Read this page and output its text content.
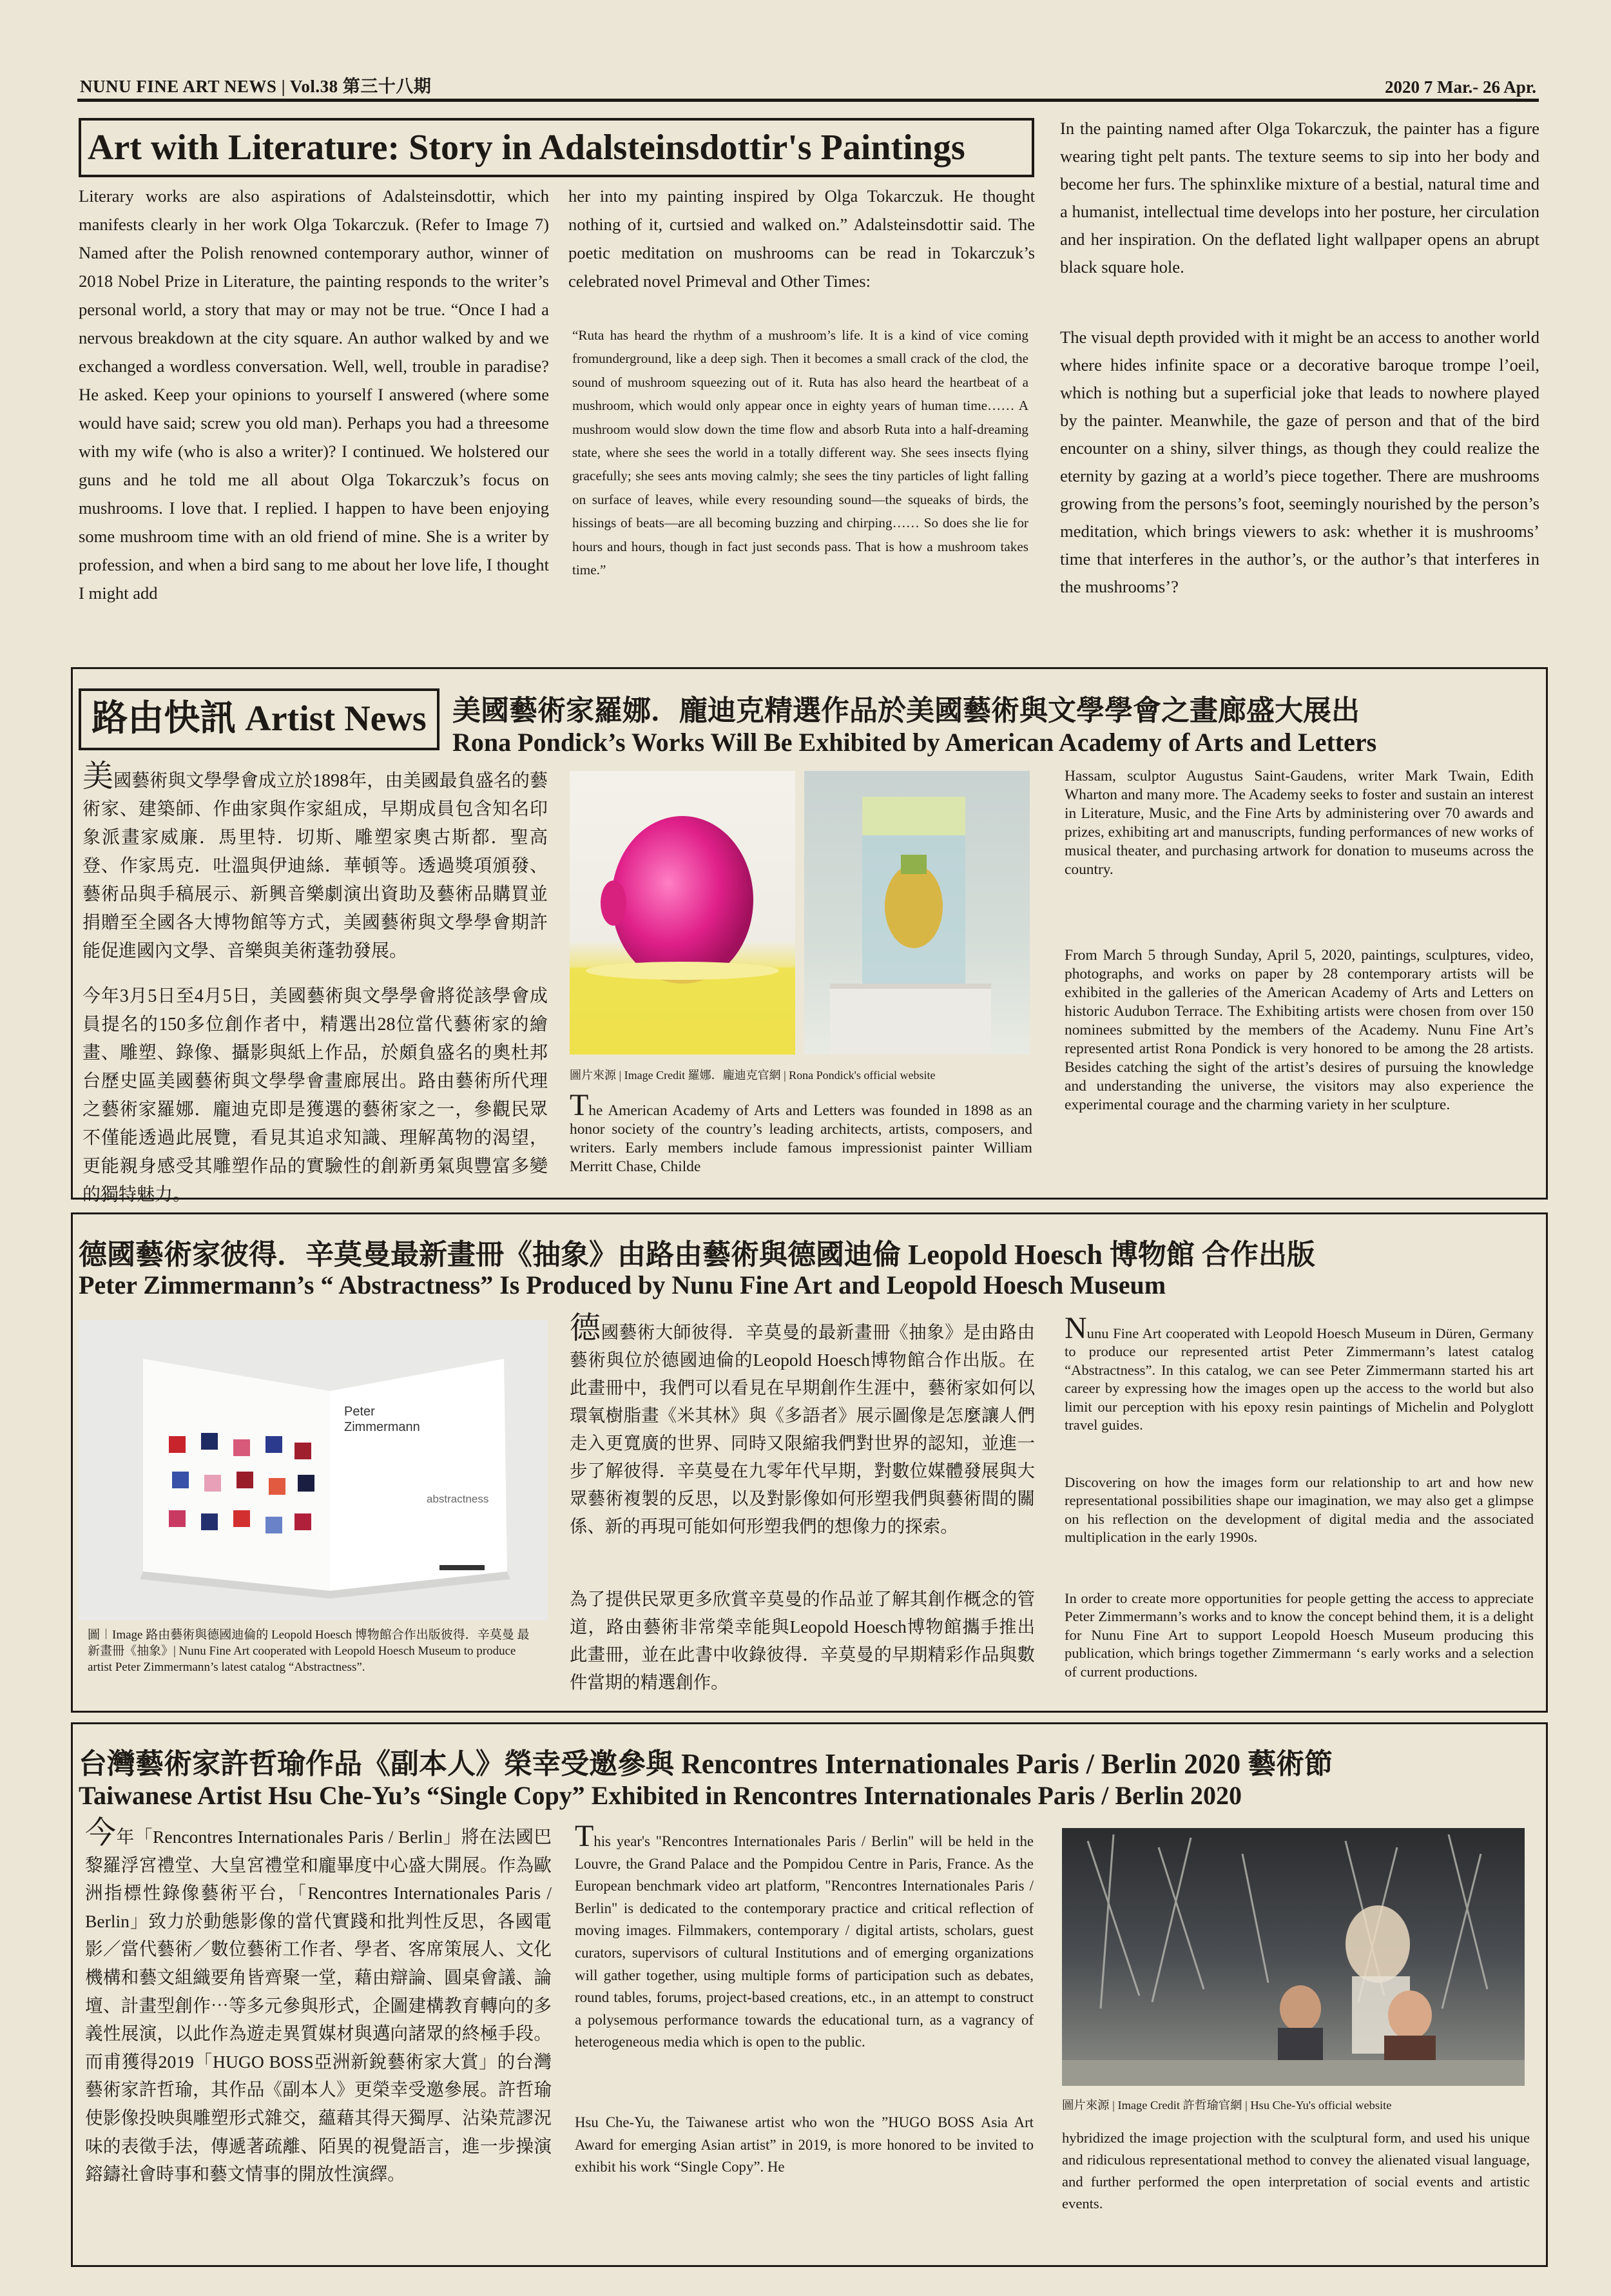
NUNU FINE ART NEWS | Vol.38 第三十八期	2020 7 Mar.- 26 Apr.
Art with Literature: Story in Adalsteinsdottir's Paintings
Literary works are also aspirations of Adalsteinsdottir, which manifests clearly in her work Olga Tokarczuk. (Refer to Image 7) Named after the Polish renowned contemporary author, winner of 2018 Nobel Prize in Literature, the painting responds to the writer’s personal world, a story that may or may not be true. “Once I had a nervous breakdown at the city square. An author walked by and we exchanged a wordless conversation. Well, well, trouble in paradise? He asked. Keep your opinions to yourself I answered (where some would have said; screw you old man). Perhaps you had a threesome with my wife (who is also a writer)? I continued. We holstered our guns and he told me all about Olga Tokarczuk’s focus on mushrooms. I love that. I replied. I happen to have been enjoying some mushroom time with an old friend of mine. She is a writer by profession, and when a bird sang to me about her love life, I thought I might add
her into my painting inspired by Olga Tokarczuk. He thought nothing of it, curtsied and walked on.” Adalsteinsdottir said. The poetic meditation on mushrooms can be read in Tokarczuk’s celebrated novel Primeval and Other Times:
“Ruta has heard the rhythm of a mushroom’s life. It is a kind of vice coming fromunderground, like a deep sigh. Then it becomes a small crack of the clod, the sound of mushroom squeezing out of it. Ruta has also heard the heartbeat of a mushroom, which would only appear once in eighty years of human time…… A mushroom would slow down the time flow and absorb Ruta into a half-dreaming state, where she sees the world in a totally different way. She sees insects flying gracefully; she sees ants moving calmly; she sees the tiny particles of light falling on surface of leaves, while every resounding sound—the squeaks of birds, the hissings of beats—are all becoming buzzing and chirping…… So does she lie for hours and hours, though in fact just seconds pass. That is how a mushroom takes time.”
In the painting named after Olga Tokarczuk, the painter has a figure wearing tight pelt pants. The texture seems to sip into her body and become her furs. The sphinxlike mixture of a bestial, natural time and a humanist, intellectual time develops into her posture, her circulation and her inspiration. On the deflated light wallpaper opens an abrupt black square hole.
The visual depth provided with it might be an access to another world where hides infinite space or a decorative baroque trompe l’oeil, which is nothing but a superficial joke that leads to nowhere played by the painter. Meanwhile, the gaze of person and that of the bird encounter on a shiny, silver things, as though they could realize the eternity by gazing at a world’s piece together. There are mushrooms growing from the persons’s foot, seemingly nourished by the person’s meditation, which brings viewers to ask: whether it is mushrooms’ time that interferes in the author’s, or the author’s that interferes in the mushrooms’?
路由快訊 Artist News 美國藝術家羅娜．龐迪克精選作品於美國藝術與文學學會之畫廊盛大展出
Rona Pondick’s Works Will Be Exhibited by American Academy of Arts and Letters
美國藝術與文學學會成立於1898年，由美國最負盛名的藝術家、建築師、作曲家與作家組成，早期成員包含知名印象派畫家威廉．馬里特．切斯、雕塑家奧古斯都．聖高登、作家馬克．吐溫與伊迪絲．華頓等。透過獎項頒發、藝術品與手稿展示、新興音樂劇演出資助及藝術品購買並捐贈至全國各大博物館等方式，美國藝術與文學學會期許能促進國內文學、音樂與美術蓬勃發展。
今年3月5日至4月5日，美國藝術與文學學會將從該學會成員提名的150多位創作者中，精選出28位當代藝術家的繪畫、雕塑、錄像、攝影與紙上作品，於頗負盛名的奧杜邦台歷史區美國藝術與文學學會畫廊展出。路由藝術所代理之藝術家羅娜．龐迪克即是獲選的藝術家之一，參觀民眾不僅能透過此展覽，看見其追求知識、理解萬物的渴望，更能親身感受其雕塑作品的實驗性的創新勇氣與豐富多變的獨特魅力。
圖片來源 | Image Credit 羅娜．龐迪克官網 | Rona Pondick's official website
The American Academy of Arts and Letters was founded in 1898 as an honor society of the country’s leading architects, artists, composers, and writers. Early members include famous impressionist painter William Merritt Chase, Childe
Hassam, sculptor Augustus Saint-Gaudens, writer Mark Twain, Edith Wharton and many more. The Academy seeks to foster and sustain an interest in Literature, Music, and the Fine Arts by administering over 70 awards and prizes, exhibiting art and manuscripts, funding performances of new works of musical theater, and purchasing artwork for donation to museums across the country.
From March 5 through Sunday, April 5, 2020, paintings, sculptures, video, photographs, and works on paper by 28 contemporary artists will be exhibited in the galleries of the American Academy of Arts and Letters on historic Audubon Terrace. The Exhibiting artists were chosen from over 150 nominees submitted by the members of the Academy. Nunu Fine Art’s represented artist Rona Pondick is very honored to be among the 28 artists. Besides catching the sight of the artist’s desires of pursuing the knowledge and understanding the universe, the visitors may also experience the experimental courage and the charming variety in her sculpture.
德國藝術家彼得．辛莫曼最新畫冊《抽象》由路由藝術與德國迪倫 Leopold Hoesch 博物館 合作出版
Peter Zimmermann’s “ Abstractness” Is Produced by Nunu Fine Art and Leopold Hoesch Museum
Peter
Zimmermann
abstractness
圖︱Image 路由藝術與德國迪倫的 Leopold Hoesch 博物館合作出版彼得．辛莫曼 最新畫冊《抽象》| Nunu Fine Art cooperated with Leopold Hoesch Museum to produce artist Peter Zimmermann’s latest catalog “Abstractness”.
德國藝術大師彼得．辛莫曼的最新畫冊《抽象》是由路由藝術與位於德國迪倫的Leopold Hoesch博物館合作出版。在此畫冊中，我們可以看見在早期創作生涯中，藝術家如何以環氧樹脂畫《米其林》與《多語者》展示圖像是怎麼讓人們走入更寬廣的世界、同時又限縮我們對世界的認知，並進一步了解彼得．辛莫曼在九零年代早期，對數位媒體發展與大眾藝術複製的反思，以及對影像如何形塑我們與藝術間的關係、新的再現可能如何形塑我們的想像力的探索。
為了提供民眾更多欣賞辛莫曼的作品並了解其創作概念的管道，路由藝術非常榮幸能與Leopold Hoesch博物館攜手推出此畫冊，並在此書中收錄彼得．辛莫曼的早期精彩作品與數件當期的精選創作。
Nunu Fine Art cooperated with Leopold Hoesch Museum in Düren, Germany to produce our represented artist Peter Zimmermann’s latest catalog “Abstractness”. In this catalog, we can see Peter Zimmermann started his art career by expressing how the images open up the access to the world but also limit our perception with his epoxy resin paintings of Michelin and Polyglott travel guides.
Discovering on how the images form our relationship to art and how new representational possibilities shape our imagination, we may also get a glimpse on his reflection on the development of digital media and the associated multiplication in the early 1990s.
In order to create more opportunities for people getting the access to appreciate Peter Zimmermann’s works and to know the concept behind them, it is a delight for Nunu Fine Art to support Leopold Hoesch Museum producing this publication, which brings together Zimmermann ‘s early works and a selection of current productions.
台灣藝術家許哲瑜作品《副本人》榮幸受邀參與 Rencontres Internationales Paris / Berlin 2020 藝術節
Taiwanese Artist Hsu Che-Yu’s “Single Copy” Exhibited in Rencontres Internationales Paris / Berlin 2020
今年「Rencontres Internationales Paris / Berlin」將在法國巴黎羅浮宮禮堂、大皇宮禮堂和龐畢度中心盛大開展。作為歐洲指標性錄像藝術平台，「Rencontres Internationales Paris / Berlin」致力於動態影像的當代實踐和批判性反思，各國電影／當代藝術／數位藝術工作者、學者、客席策展人、文化機構和藝文組織要角皆齊聚一堂，藉由辯論、圓桌會議、論壇、計畫型創作⋯等多元參與形式，企圖建構教育轉向的多義性展演，以此作為遊走異質媒材與邁向諸眾的終極手段。而甫獲得2019「HUGO BOSS亞洲新銳藝術家大賞」的台灣藝術家許哲瑜，其作品《副本人》更榮幸受邀參展。許哲瑜使影像投映與雕塑形式雜交，蘊藉其得天獨厚、沾染荒謬況味的表徵手法，傳遞著疏離、陌異的視覺語言，進一步操演鎔鑄社會時事和藝文情事的開放性演繹。
This year's "Rencontres Internationales Paris / Berlin" will be held in the Louvre, the Grand Palace and the Pompidou Centre in Paris, France. As the European benchmark video art platform, "Rencontres Internationales Paris / Berlin" is dedicated to the contemporary practice and critical reflection of moving images. Filmmakers, contemporary / digital artists, scholars, guest curators, supervisors of cultural Institutions and of emerging organizations will gather together, using multiple forms of participation such as debates, round tables, forums, project-based creations, etc., in an attempt to construct a polysemous performance towards the educational turn, as a vagrancy of heterogeneous media which is open to the public.
Hsu Che-Yu, the Taiwanese artist who won the ”HUGO BOSS Asia Art Award for emerging Asian artist” in 2019, is more honored to be invited to exhibit his work “Single Copy”. He
圖片來源 | Image Credit 許哲瑜官網 | Hsu Che-Yu's official website
hybridized the image projection with the sculptural form, and used his unique and ridiculous representational method to convey the alienated visual language, and further performed the open interpretation of social events and artistic events.
